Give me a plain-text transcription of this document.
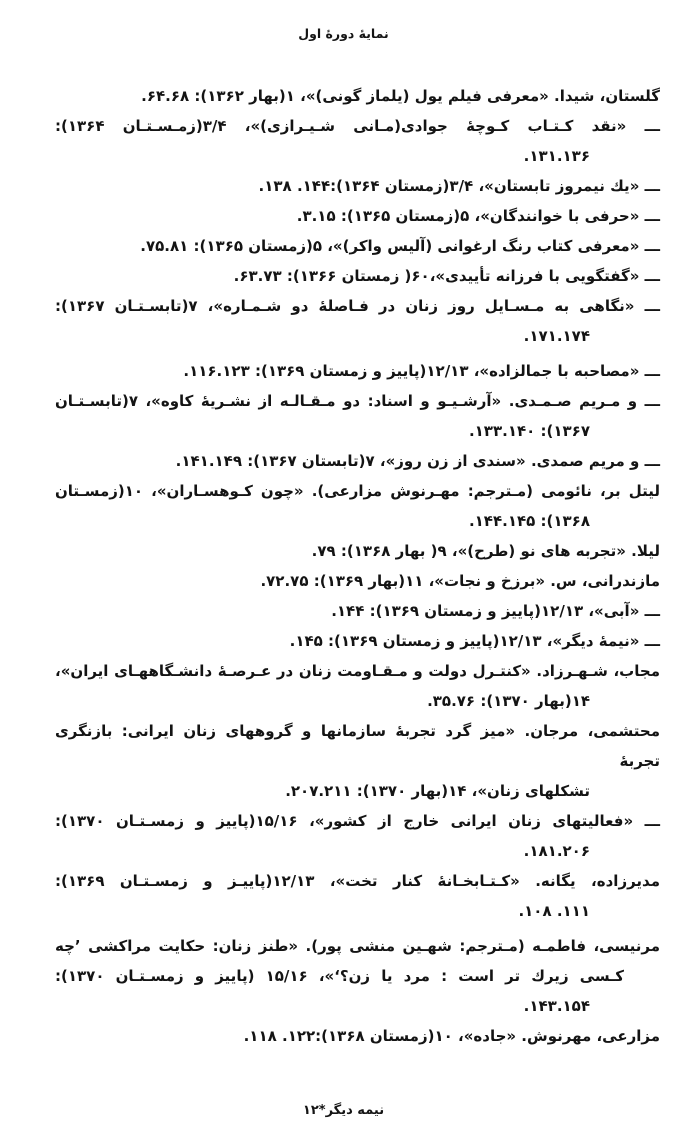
نمایۀ دورۀ اول
گلستان، شیدا. «معرفی فیلم یول (یلماز گونی)»، ۱(بهار ۱۳۶۲): ۶۴.۶۸.
ـــ «نقد کـتـاب کـوچۀ جوادی(مـانی شـیـرازی)»، ۳/۴(زمـسـتـان ۱۳۶۴):
۱۳۱.۱۳۶.
ـــ «یك نیمروز تابستان»، ۳/۴(زمستان ۱۳۶۴):۱۴۴. ۱۳۸.
ـــ «حرفی با خوانندگان»، ۵(زمستان ۱۳۶۵): ۳.۱۵.
ـــ «معرفی کتاب رنگ ارغوانی (آلیس واکر)»، ۵(زمستان ۱۳۶۵): ۷۵.۸۱.
ـــ «گفتگویی با فرزانه تأییدی»،۶۰( زمستان ۱۳۶۶): ۶۳.۷۳.
ـــ «نگاهی به مـسـایل روز زنان در فـاصلۀ دو شـمـاره»، ۷(تابسـتـان ۱۳۶۷):
۱۷۱.۱۷۴.
ـــ «مصاحبه با جمالزاده»، ۱۲/۱۳(پاییز و زمستان ۱۳۶۹): ۱۱۶.۱۲۳.
ـــ و مـریم صـمـدی. «آرشـیـو و اسناد: دو مـقـالـه از نشـریۀ کاوه»، ۷(تابسـتـان
۱۳۶۷): ۱۳۳.۱۴۰.
ـــ و مریم صمدی. «سندی از زن روز»، ۷(تابستان ۱۳۶۷): ۱۴۱.۱۴۹.
لیتل بر، نائومی (مـترجم: مهـرنوش مزارعی). «چون کـوهسـاران»، ۱۰(زمسـتان
۱۳۶۸): ۱۴۴.۱۴۵.
لیلا. «تجربه های نو (طرح)»، ۹( بهار ۱۳۶۸): ۷۹.
مازندرانی، س. «برزخ و نجات»، ۱۱(بهار ۱۳۶۹): ۷۲.۷۵.
ـــ «آبی»، ۱۲/۱۳(پاییز و زمستان ۱۳۶۹): ۱۴۴.
ـــ «نیمۀ دیگر»، ۱۲/۱۳(پاییز و زمستان ۱۳۶۹): ۱۴۵.
مجاب، شـهـرزاد. «کنتـرل دولت و مـقـاومت زنان در عـرصـۀ دانشـگاههـای ایران»،
۱۴(بهار ۱۳۷۰): ۳۵.۷۶.
محتشمی، مرجان. «میز گرد تجربۀ سازمانها و گروههای زنان ایرانی: بازنگری تجربۀ
تشکلهای زنان»، ۱۴(بهار ۱۳۷۰): ۲۰۷.۲۱۱.
ـــ «فعالیتهای زنان ایرانی خارج از کشور»، ۱۵/۱۶(پاییز و زمسـتـان ۱۳۷۰):
۱۸۱.۲۰۶.
مدیرزاده، یگانه. «کـتـابخـانۀ کنار تخت»، ۱۲/۱۳(پاییـز و زمسـتـان ۱۳۶۹):
۱۱۱. ۱۰۸.
مرنیسی، فاطمـه (مـترجم: شهـین منشی پور). «طنز زنان: حکایت مراکشی ’چه
کـسی زیرك تر است : مرد یا زن؟‘»، ۱۵/۱۶ (پاییز و زمسـتـان ۱۳۷۰):
۱۴۳.۱۵۴.
مزارعی، مهرنوش. «جاده»، ۱۰(زمستان ۱۳۶۸):۱۲۲. ۱۱۸.
نیمه دیگر*۱۲
